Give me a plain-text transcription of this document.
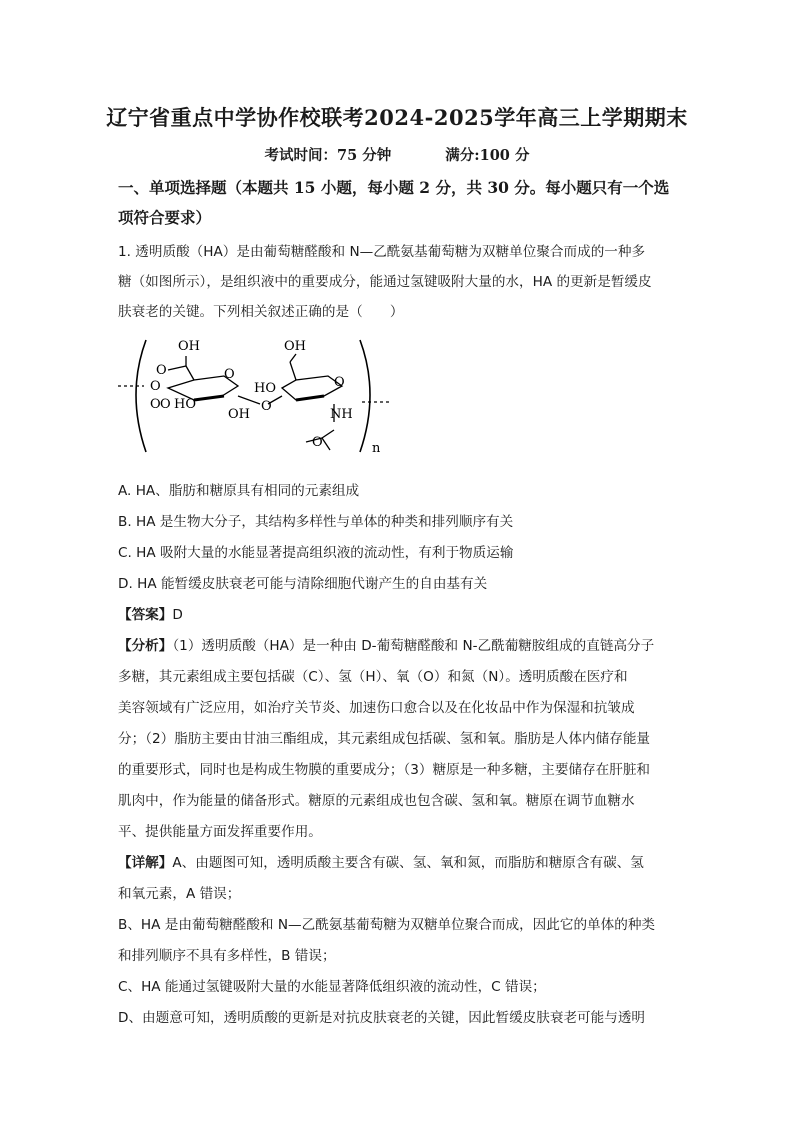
辽宁省重点中学协作校联考2024-2025学年高三上学期期末
考试时间：75 分钟	满分:100 分
一、单项选择题（本题共 15 小题，每小题 2 分，共 30 分。每小题只有一个选
项符合要求）
1. 透明质酸（HA）是由葡萄糖醛酸和 N—乙酰氨基葡萄糖为双糖单位聚合而成的一种多
糖（如图所示），是组织液中的重要成分，能通过氢键吸附大量的水，HA 的更新是暂缓皮
肤衰老的关键。下列相关叙述正确的是（　　）
OH	OH
O	O
O
HO
O
O O HO
OH
O
NH
O	n
A. HA、脂肪和糖原具有相同的元素组成
B. HA 是生物大分子，其结构多样性与单体的种类和排列顺序有关
C. HA 吸附大量的水能显著提高组织液的流动性，有利于物质运输
D. HA 能暂缓皮肤衰老可能与清除细胞代谢产生的自由基有关
【答案】D
【分析】（1）透明质酸（HA）是一种由 D-葡萄糖醛酸和 N-乙酰葡糖胺组成的直链高分子
多糖，其元素组成主要包括碳（C）、氢（H）、氧（O）和氮（N）。透明质酸在医疗和
美容领域有广泛应用，如治疗关节炎、加速伤口愈合以及在化妆品中作为保湿和抗皱成
分；（2）脂肪主要由甘油三酯组成，其元素组成包括碳、氢和氧。脂肪是人体内储存能量
的重要形式，同时也是构成生物膜的重要成分；（3）糖原是一种多糖，主要储存在肝脏和
肌肉中，作为能量的储备形式。糖原的元素组成也包含碳、氢和氧。糖原在调节血糖水
平、提供能量方面发挥重要作用。
【详解】A、由题图可知，透明质酸主要含有碳、氢、氧和氮，而脂肪和糖原含有碳、氢
和氧元素，A 错误；
B、HA 是由葡萄糖醛酸和 N—乙酰氨基葡萄糖为双糖单位聚合而成，因此它的单体的种类
和排列顺序不具有多样性，B 错误；
C、HA 能通过氢键吸附大量的水能显著降低组织液的流动性，C 错误；
D、由题意可知，透明质酸的更新是对抗皮肤衰老的关键，因此暂缓皮肤衰老可能与透明
